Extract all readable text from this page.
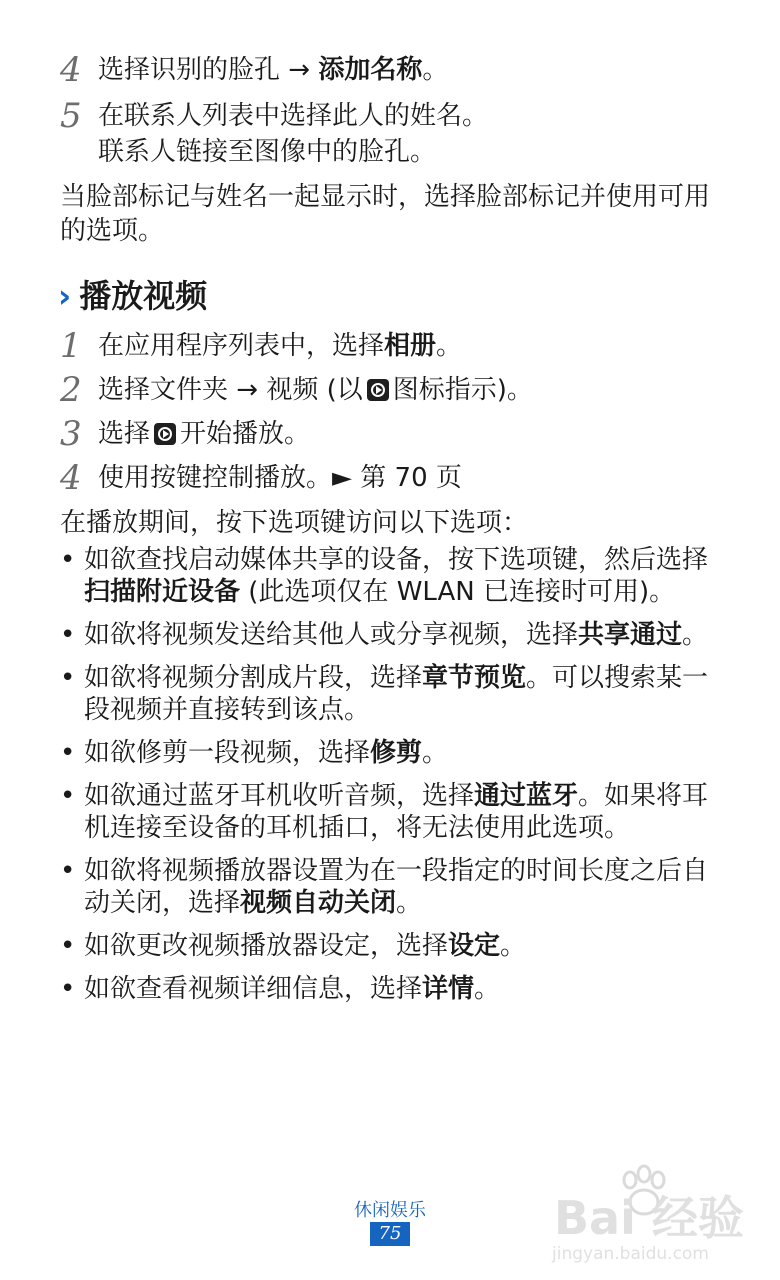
4 选择识别的脸孔 → 添加名称。
5 在联系人列表中选择此人的姓名。
联系人链接至图像中的脸孔。
当脸部标记与姓名一起显示时，选择脸部标记并使用可用的选项。
› 播放视频
1 在应用程序列表中，选择相册。
2 选择文件夹 → 视频 (以 图标指示)。
3 选择 开始播放。
4 使用按键控制播放。► 第 70 页
在播放期间，按下选项键访问以下选项：
• 如欲查找启动媒体共享的设备，按下选项键，然后选择扫描附近设备 (此选项仅在 WLAN 已连接时可用)。
• 如欲将视频发送给其他人或分享视频，选择共享通过。
• 如欲将视频分割成片段，选择章节预览。可以搜索某一段视频并直接转到该点。
• 如欲修剪一段视频，选择修剪。
• 如欲通过蓝牙耳机收听音频，选择通过蓝牙。如果将耳机连接至设备的耳机插口，将无法使用此选项。
• 如欲将视频播放器设置为在一段指定的时间长度之后自动关闭，选择视频自动关闭。
• 如欲更改视频播放器设定，选择设定。
• 如欲查看视频详细信息，选择详情。
休闲娱乐
75	Bai 经验
jingyan.baidu.com
